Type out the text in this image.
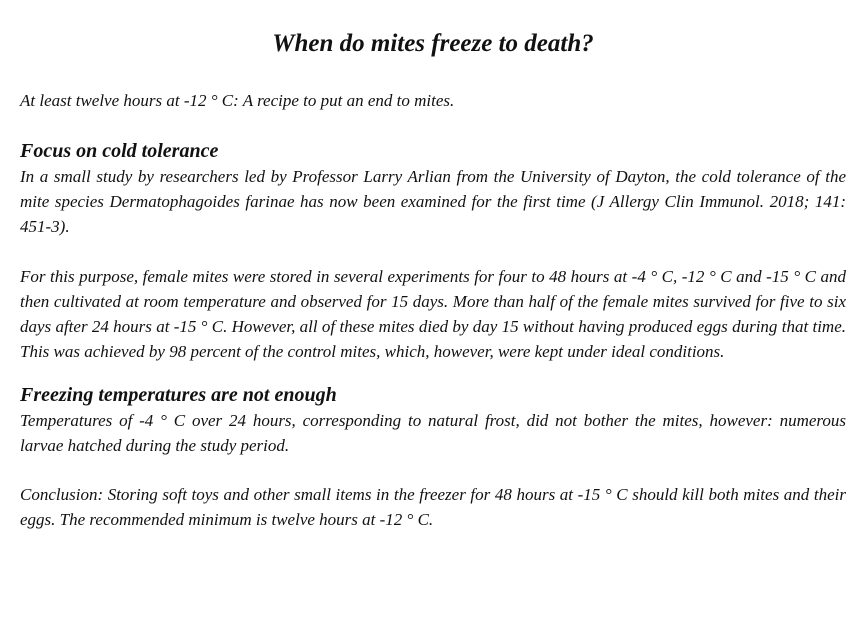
When do mites freeze to death?

At least twelve hours at -12 ° C: A recipe to put an end to mites.

Focus on cold tolerance

In a small study by researchers led by Professor Larry Arlian from the University of Dayton, the cold tolerance of the mite species Dermatophagoides farinae has now been examined for the first time (J Allergy Clin Immunol. 2018; 141: 451-3).

For this purpose, female mites were stored in several experiments for four to 48 hours at -4 ° C, -12 ° C and -15 ° C and then cultivated at room temperature and observed for 15 days. More than half of the female mites survived for five to six days after 24 hours at -15 ° C. However, all of these mites died by day 15 without having produced eggs during that time. This was achieved by 98 percent of the control mites, which, however, were kept under ideal conditions.

Freezing temperatures are not enough

Temperatures of -4 ° C over 24 hours, corresponding to natural frost, did not bother the mites, however: numerous larvae hatched during the study period.

Conclusion: Storing soft toys and other small items in the freezer for 48 hours at -15 ° C should kill both mites and their eggs. The recommended minimum is twelve hours at -12 ° C.
